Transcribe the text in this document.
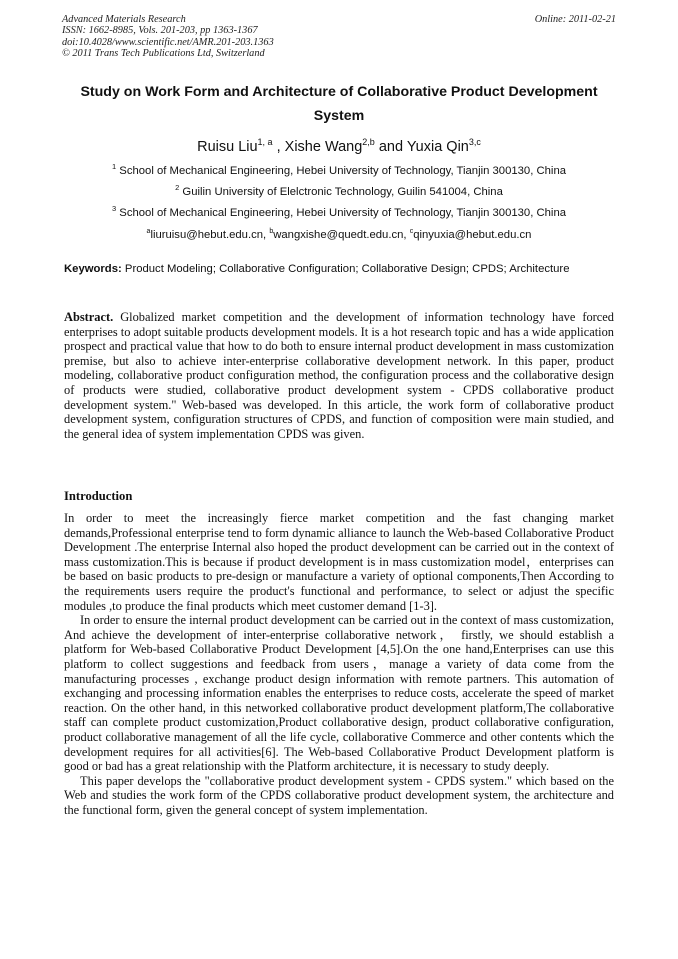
Advanced Materials Research
ISSN: 1662-8985, Vols. 201-203, pp 1363-1367
doi:10.4028/www.scientific.net/AMR.201-203.1363
© 2011 Trans Tech Publications Ltd, Switzerland
Online: 2011-02-21
Study on Work Form and Architecture of Collaborative Product Development System
Ruisu Liu$^{1, a}$ , Xishe Wang$^{2,b}$ and Yuxia Qin$^{3,c}$
$^1$ School of Mechanical Engineering, Hebei University of Technology, Tianjin 300130, China
$^2$ Guilin University of Elelctronic Technology, Guilin 541004, China
$^3$ School of Mechanical Engineering, Hebei University of Technology, Tianjin 300130, China
$^a$liuruisu@hebut.edu.cn, $^b$wangxishe@quedt.edu.cn, $^c$qinyuxia@hebut.edu.cn
Keywords: Product Modeling; Collaborative Configuration; Collaborative Design; CPDS; Architecture
Abstract. Globalized market competition and the development of information technology have forced enterprises to adopt suitable products development models. It is a hot research topic and has a wide application prospect and practical value that how to do both to ensure internal product development in mass customization premise, but also to achieve inter-enterprise collaborative development network. In this paper, product modeling, collaborative product configuration method, the configuration process and the collaborative design of products were studied, collaborative product development system - CPDS collaborative product development system." Web-based was developed. In this article, the work form of collaborative product development system, configuration structures of CPDS, and function of composition were main studied, and the general idea of system implementation CPDS was given.
Introduction

In order to meet the increasingly fierce market competition and the fast changing market demands,Professional enterprise tend to form dynamic alliance to launch the Web-based Collaborative Product Development .The enterprise Internal also hoped the product development can be carried out in the context of mass customization.This is because if product development is in mass customization model，enterprises can be based on basic products to pre-design or manufacture a variety of optional components,Then According to the requirements users require the product's functional and performance, to select or adjust the specific modules ,to produce the final products which meet customer demand [1-3].

In order to ensure the internal product development can be carried out in the context of mass customization, And achieve the development of inter-enterprise collaborative network， firstly, we should establish a platform for Web-based Collaborative Product Development [4,5].On the one hand,Enterprises can use this platform to collect suggestions and feedback from users，manage a variety of data come from the manufacturing processes , exchange product design information with remote partners. This automation of exchanging and processing information enables the enterprises to reduce costs, accelerate the speed of market reaction. On the other hand, in this networked collaborative product development platform,The collaborative staff can complete product customization,Product collaborative design, product collaborative configuration, product collaborative management of all the life cycle, collaborative Commerce and other contents which the development requires for all activities[6]. The Web-based Collaborative Product Development platform is good or bad has a great relationship with the Platform architecture, it is necessary to study deeply.

This paper develops the "collaborative product development system - CPDS system." which based on the Web and studies the work form of the CPDS collaborative product development system, the architecture and the functional form, given the general concept of system implementation.
